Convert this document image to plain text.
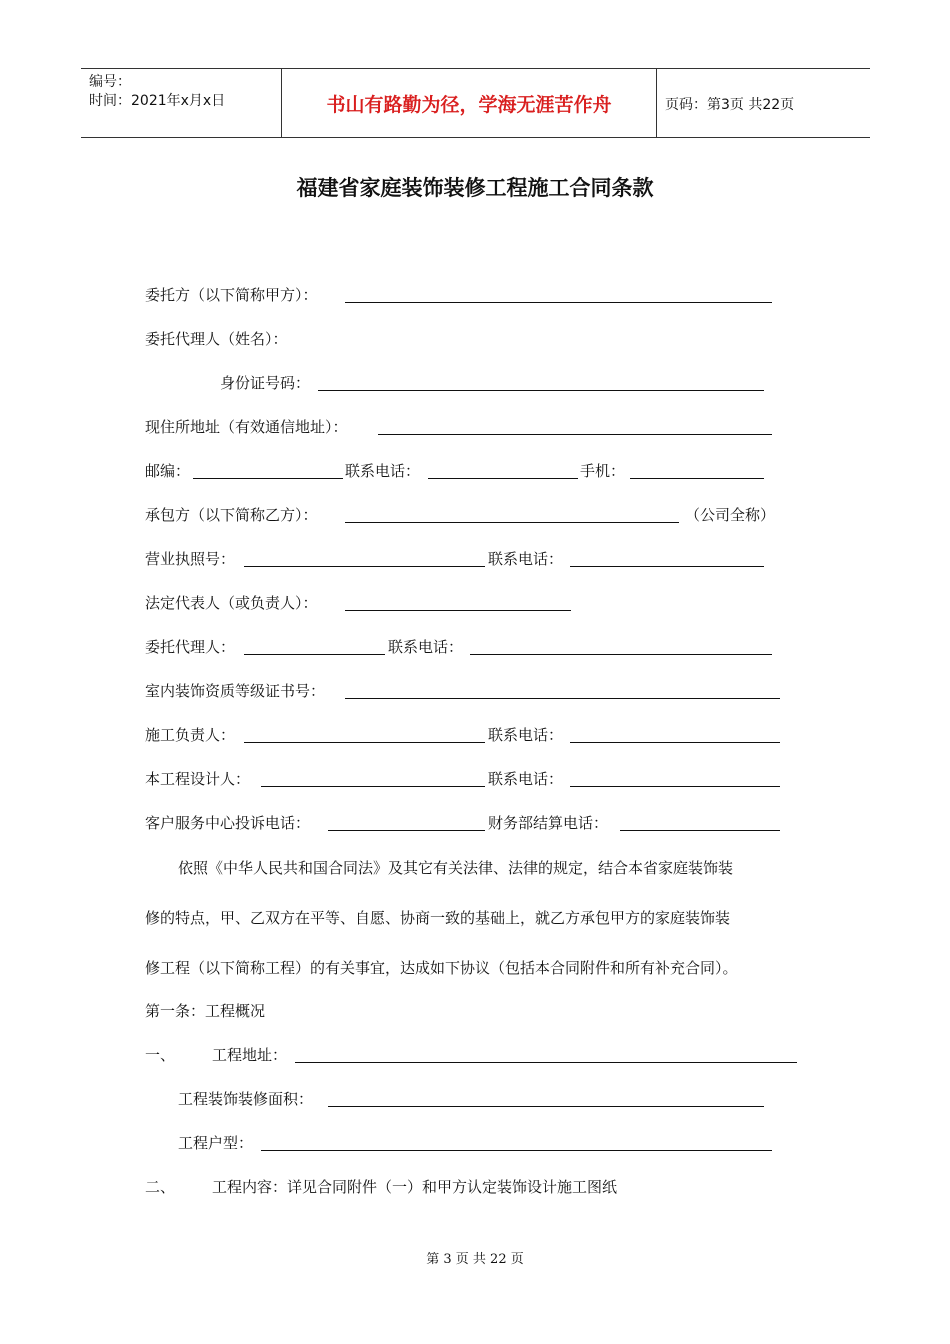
编号：
时间：2021年x月x日	书山有路勤为径，学海无涯苦作舟	页码：第3页 共22页
福建省家庭装饰装修工程施工合同条款
委托方（以下简称甲方）：
委托代理人（姓名）：
身份证号码：
现住所地址（有效通信地址）：
邮编：	联系电话：	手机：
承包方（以下简称乙方）：	（公司全称）
营业执照号：	联系电话：
法定代表人（或负责人）：
委托代理人：	联系电话：
室内装饰资质等级证书号：
施工负责人：	联系电话：
本工程设计人：	联系电话：
客户服务中心投诉电话：	财务部结算电话：
依照《中华人民共和国合同法》及其它有关法律、法律的规定，结合本省家庭装饰装
修的特点，甲、乙双方在平等、自愿、协商一致的基础上，就乙方承包甲方的家庭装饰装
修工程（以下简称工程）的有关事宜，达成如下协议（包括本合同附件和所有补充合同）。
第一条：工程概况
一、 工程地址：
工程装饰装修面积：
工程户型：
二、 工程内容：详见合同附件（一）和甲方认定装饰设计施工图纸
第 3 页 共 22 页
